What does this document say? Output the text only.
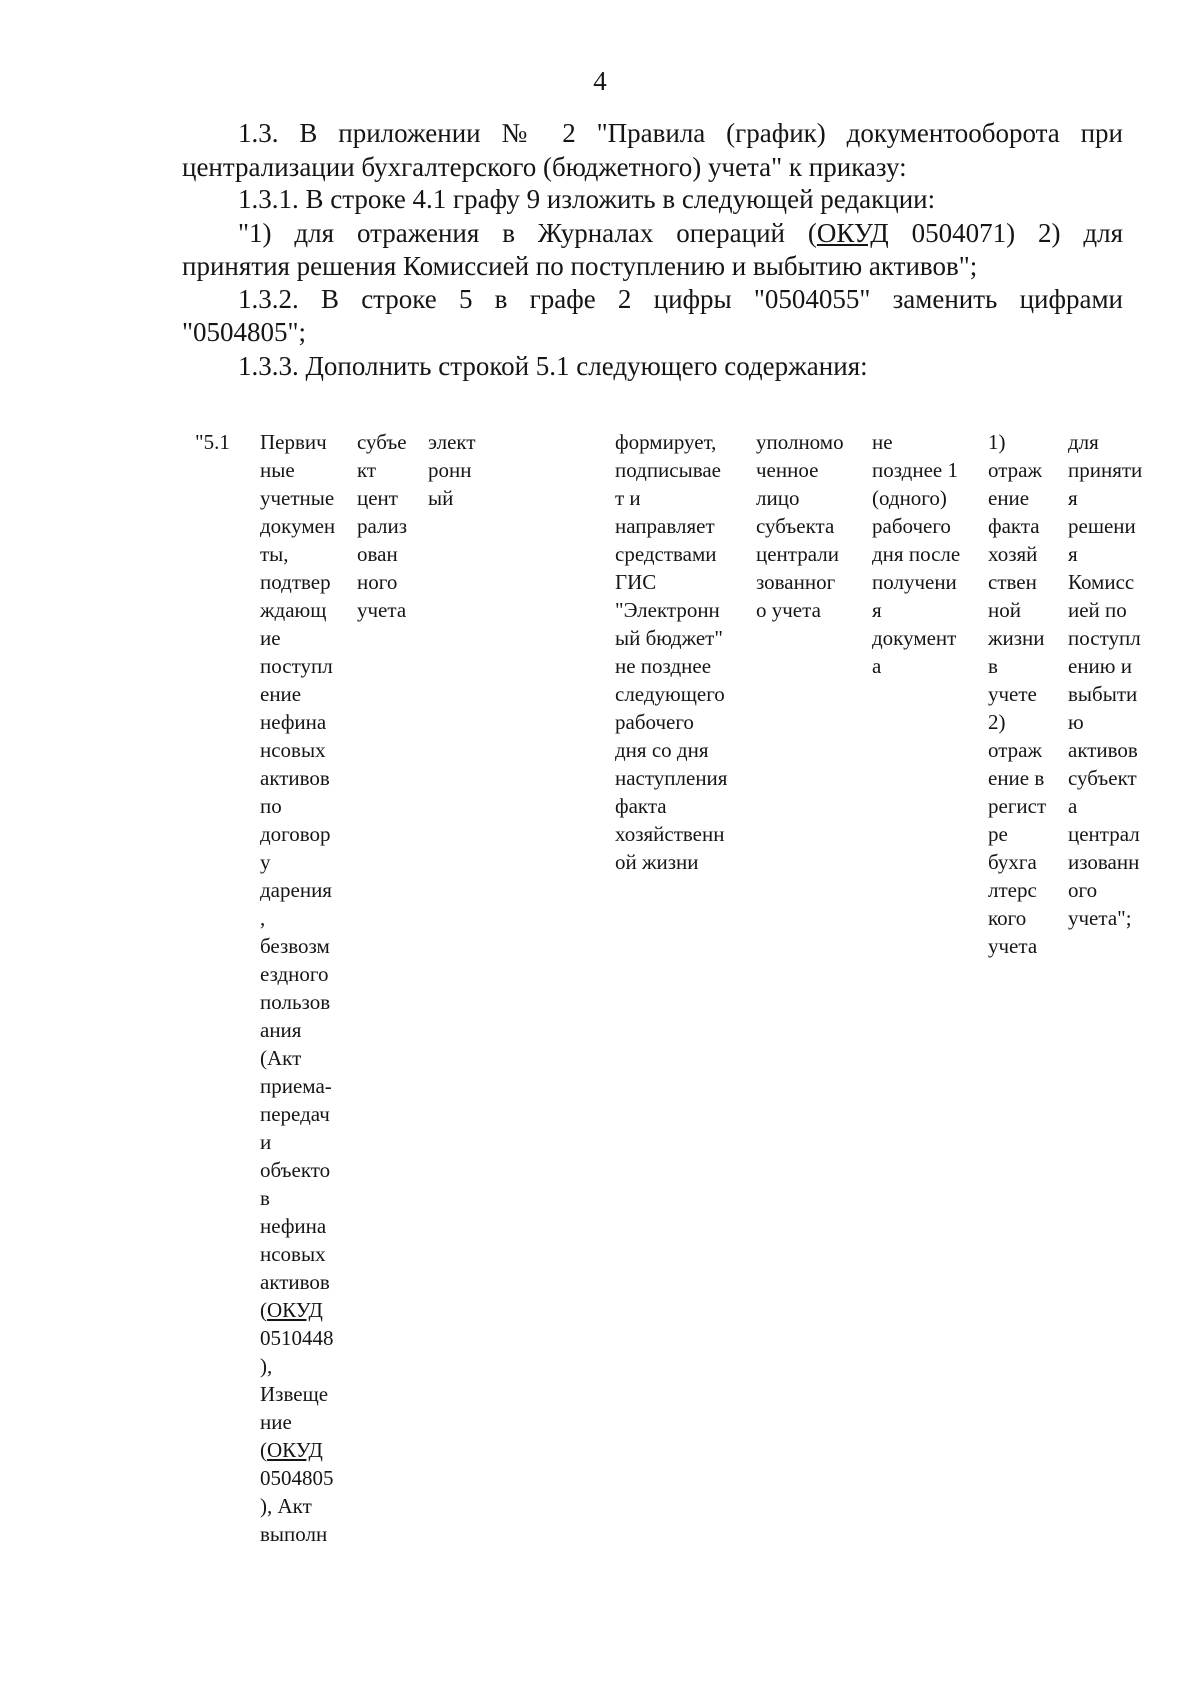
4
1.3. В приложении № 2 "Правила (график) документооборота при
централизации бухгалтерского (бюджетного) учета" к приказу:
1.3.1. В строке 4.1 графу 9 изложить в следующей редакции:
"1) для отражения в Журналах операций (ОКУД 0504071) 2) для
принятия решения Комиссией по поступлению и выбытию активов";
1.3.2. В строке 5 в графе 2 цифры "0504055" заменить цифрами
"0504805";
1.3.3. Дополнить строкой 5.1 следующего содержания:
"5.1 Первич
ные
учетные
докумен
ты,
подтвер
ждающ
ие
поступл
ение
нефина
нсовых
активов
по
договор
у
дарения
,
безвозм
ездного
пользов
ания
(Акт
приема-
передач
и
объекто
в
нефина
нсовых
активов
(ОКУД
0510448
),
Извеще
ние
(ОКУД
0504805
), Акт
выполн
субъе
кт
цент
рализ
ован
ного
учета
элект
ронн
ый
формирует,
подписывае
т и
направляет
средствами
ГИС
"Электронн
ый бюджет"
не позднее
следующего
рабочего
дня со дня
наступления
факта
хозяйственн
ой жизни
уполномо
ченное
лицо
субъекта
централи
зованног
о учета
не
позднее 1
(одного)
рабочего
дня после
получени
я
документ
а
1)
отраж
ение
факта
хозяй
ствен
ной
жизни
в
учете
2)
отраж
ение в
регист
ре
бухга
лтерс
кого
учета
для
приняти
я
решени
я
Комисс
ией по
поступл
ению и
выбыти
ю
активов
субъект
а
централ
изованн
ого
учета";
